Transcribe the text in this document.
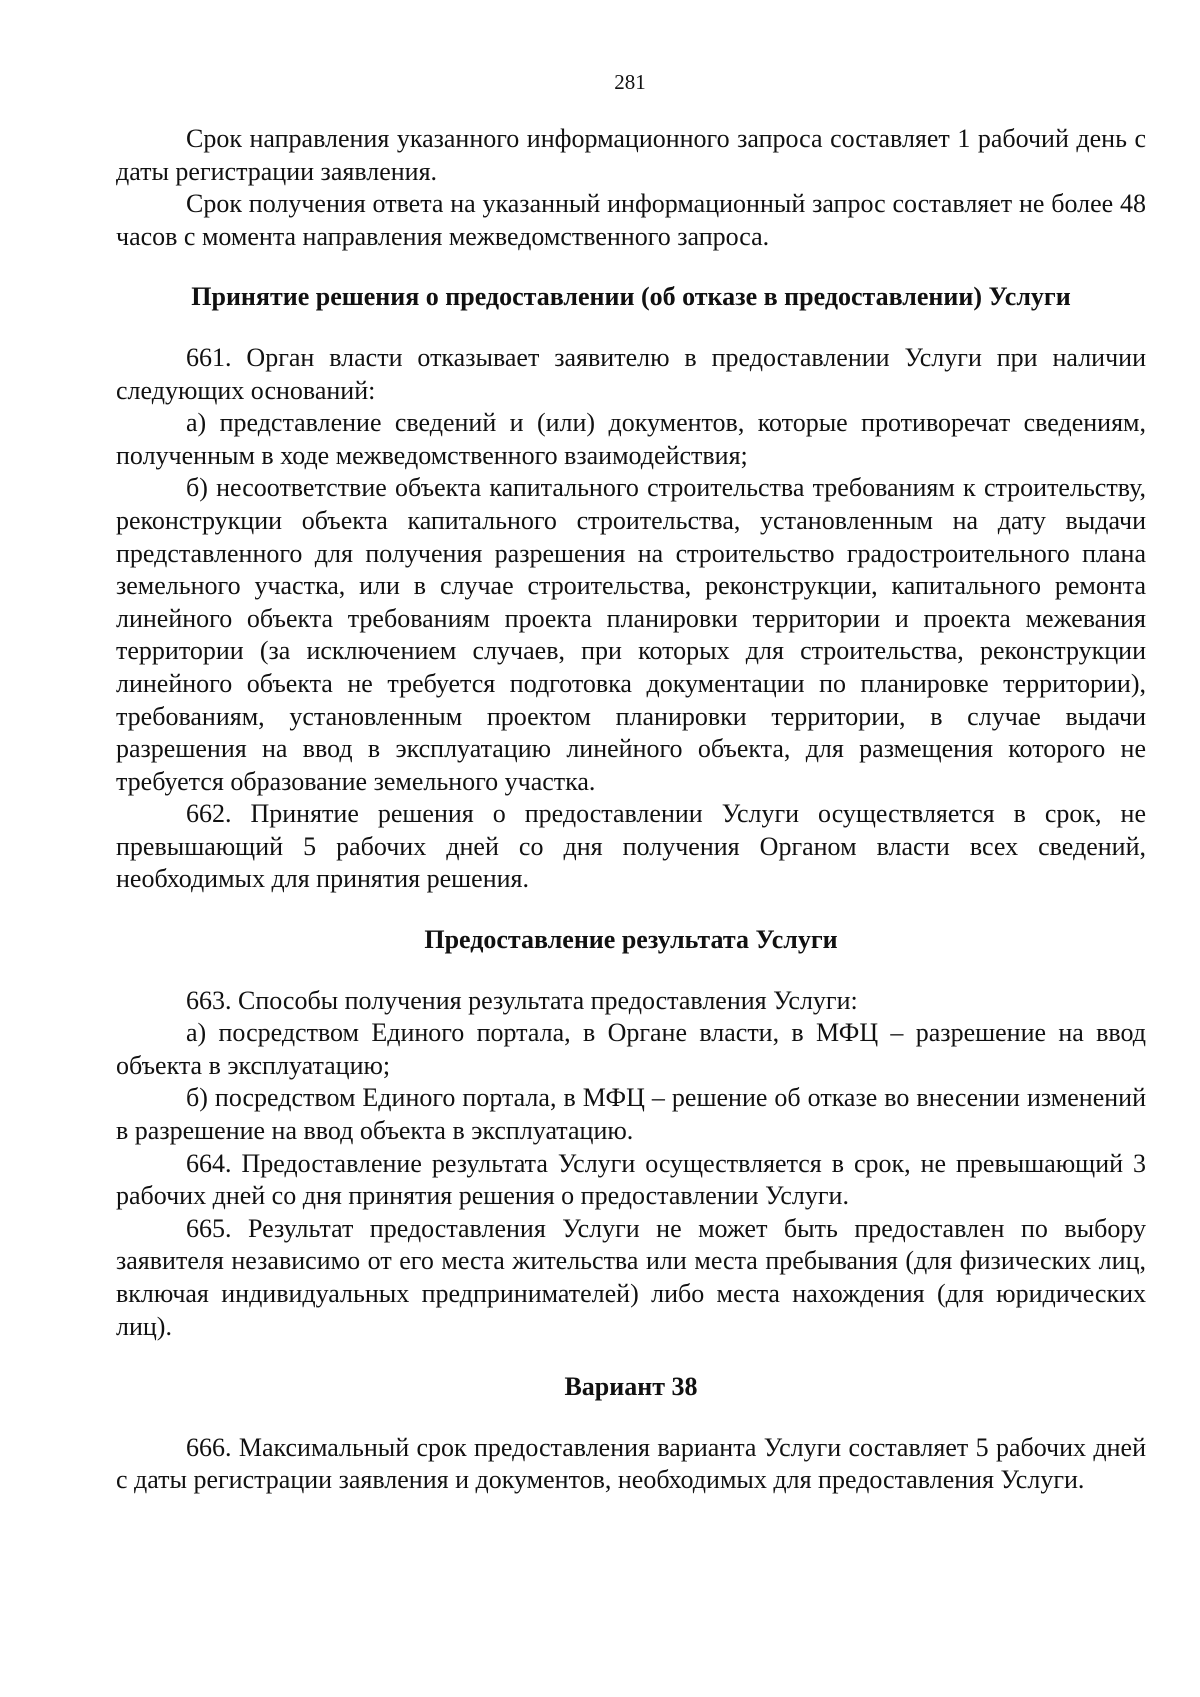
281

Срок направления указанного информационного запроса составляет 1 рабочий день с даты регистрации заявления.

Срок получения ответа на указанный информационный запрос составляет не более 48 часов с момента направления межведомственного запроса.

Принятие решения о предоставлении (об отказе в предоставлении) Услуги

661. Орган власти отказывает заявителю в предоставлении Услуги при наличии следующих оснований:

а) представление сведений и (или) документов, которые противоречат сведениям, полученным в ходе межведомственного взаимодействия;

б) несоответствие объекта капитального строительства требованиям к строительству, реконструкции объекта капитального строительства, установленным на дату выдачи представленного для получения разрешения на строительство градостроительного плана земельного участка, или в случае строительства, реконструкции, капитального ремонта линейного объекта требованиям проекта планировки территории и проекта межевания территории (за исключением случаев, при которых для строительства, реконструкции линейного объекта не требуется подготовка документации по планировке территории), требованиям, установленным проектом планировки территории, в случае выдачи разрешения на ввод в эксплуатацию линейного объекта, для размещения которого не требуется образование земельного участка.

662. Принятие решения о предоставлении Услуги осуществляется в срок, не превышающий 5 рабочих дней со дня получения Органом власти всех сведений, необходимых для принятия решения.

Предоставление результата Услуги

663. Способы получения результата предоставления Услуги:

а) посредством Единого портала, в Органе власти, в МФЦ – разрешение на ввод объекта в эксплуатацию;

б) посредством Единого портала, в МФЦ – решение об отказе во внесении изменений в разрешение на ввод объекта в эксплуатацию.

664. Предоставление результата Услуги осуществляется в срок, не превышающий 3 рабочих дней со дня принятия решения о предоставлении Услуги.

665. Результат предоставления Услуги не может быть предоставлен по выбору заявителя независимо от его места жительства или места пребывания (для физических лиц, включая индивидуальных предпринимателей) либо места нахождения (для юридических лиц).

Вариант 38

666. Максимальный срок предоставления варианта Услуги составляет 5 рабочих дней с даты регистрации заявления и документов, необходимых для предоставления Услуги.
